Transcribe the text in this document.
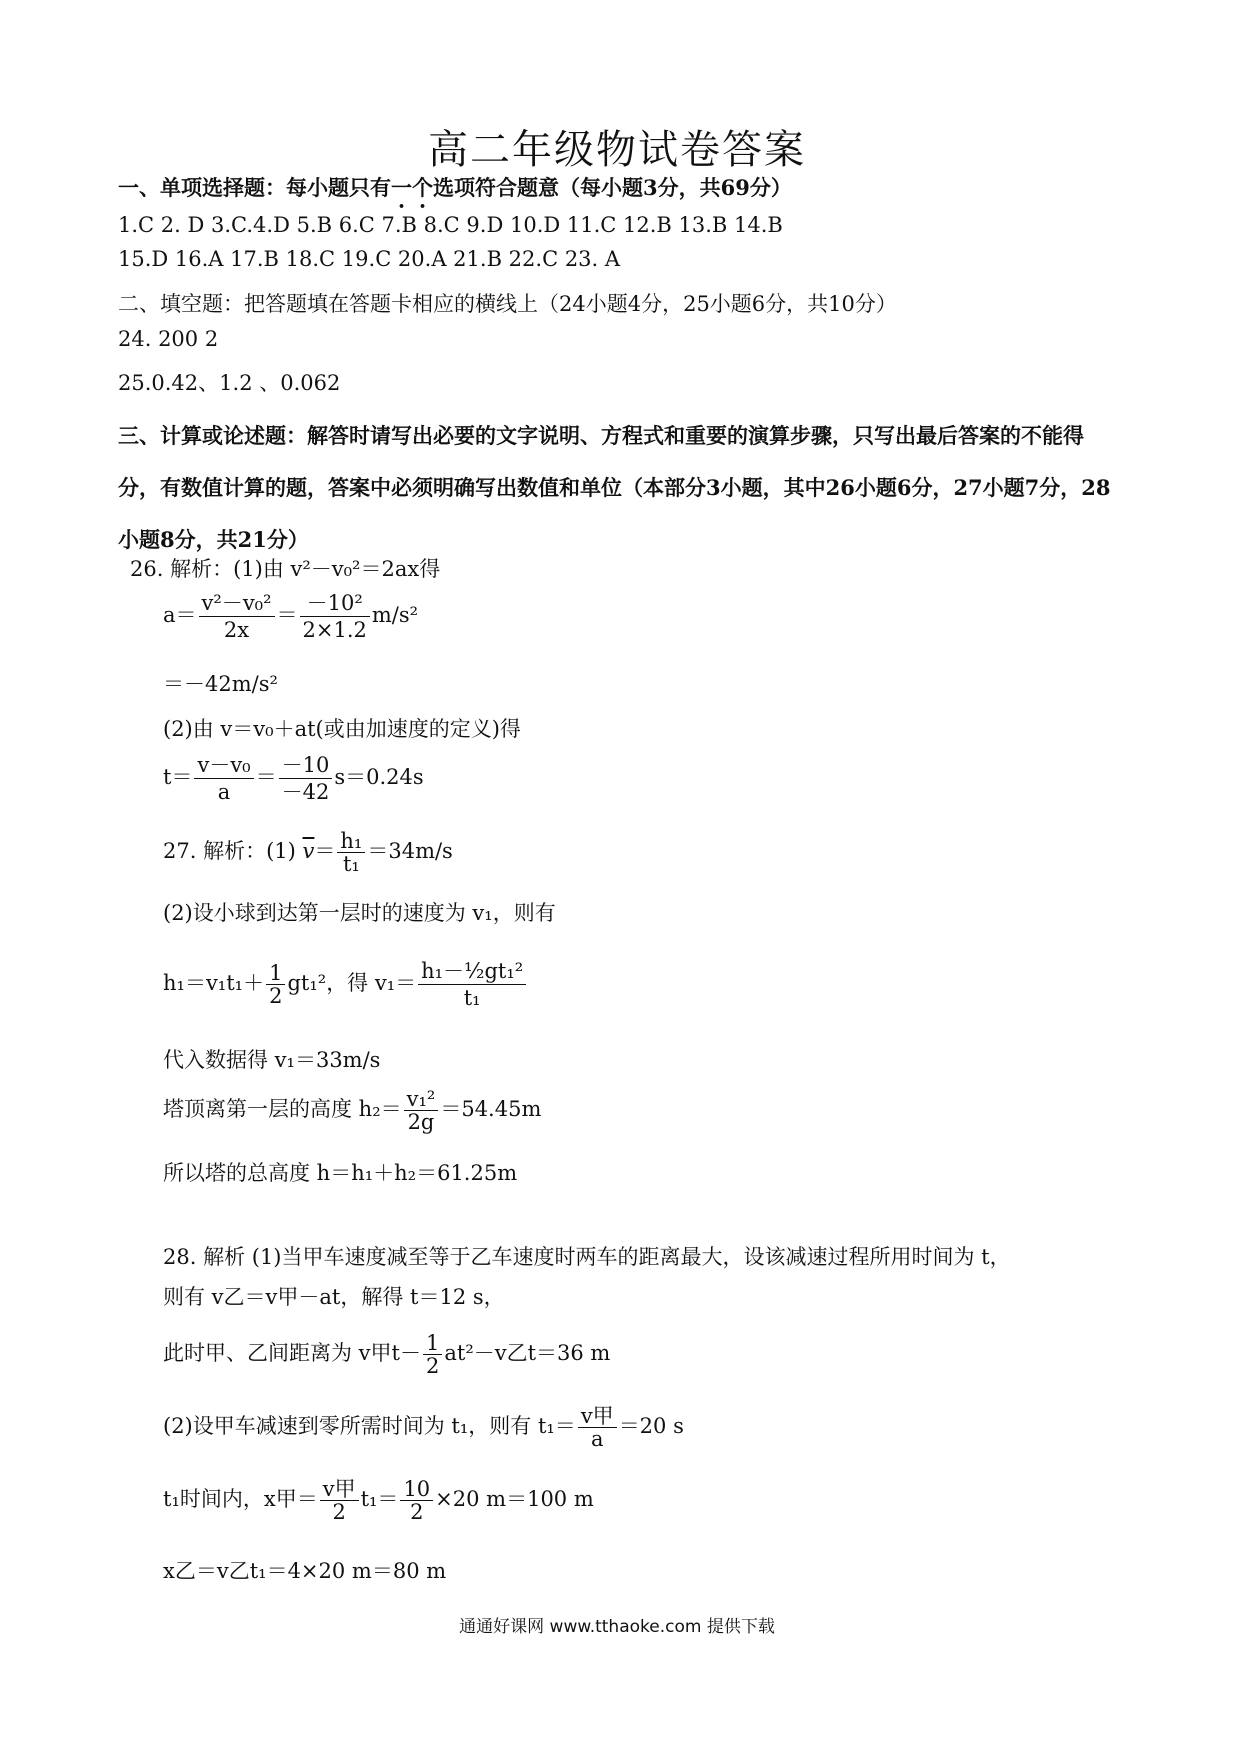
高二年级物试卷答案
一、单项选择题：每小题只有一个选项符合题意（每小题3分，共69分）
1.C 2. D 3.C.4.D 5.B 6.C 7.B 8.C 9.D 10.D 11.C 12.B 13.B 14.B
15.D 16.A 17.B 18.C 19.C 20.A 21.B 22.C 23. A
二、填空题：把答题填在答题卡相应的横线上（24小题4分，25小题6分，共10分）
24. 200 2
25.0.42、1.2 、0.062
三、计算或论述题：解答时请写出必要的文字说明、方程式和重要的演算步骤，只写出最后答案的不能得分，有数值计算的题，答案中必须明确写出数值和单位（本部分3小题，其中26小题6分，27小题7分，28小题8分，共21分）
26. 解析：(1)由 v²－v₀²＝2ax得
$a= \frac{\text{v²－v₀²}}{2x} = \frac{\text{－10²}}{2\times 1.2} m/s^2$
＝－42m/s²
(2)由 v＝v₀＋at(或由加速度的定义)得
$t= \frac{\text{v－v₀}}{a} = \frac{-10}{-42} s=0.24s$
27. 解析：(1) $\overline{v}= \frac{\text{h₁}}{\text{t₁}} =34m/s$
(2)设小球到达第一层时的速度为 v₁，则有
$h_1=v_1t_1+ \frac{1}{2} gt_1^2$，得 $v_1= \frac{\text{h₁－½gt₁²}}{\text{t₁}}$
代入数据得 v₁＝33m/s
塔顶离第一层的高度 $h_2= \frac{\text{v₁²}}{2g} =54.45m$
所以塔的总高度 h＝h₁＋h₂＝61.25m
28. 解析 (1)当甲车速度减至等于乙车速度时两车的距离最大，设该减速过程所用时间为 t，
则有 v乙＝v甲－at，解得 t＝12 s，
此时甲、乙间距离为 v甲$t- \frac{1}{2} at^2-v$乙t＝36 m
(2)设甲车减速到零所需时间为 t₁，则有 $t_1= \frac{\text{v甲}}{a} =20$ s
t₁时间内，x甲＝ $\frac{\text{v甲}}{2} t_1= \frac{10}{2} \times 20$ m＝100 m
x乙＝v乙t₁＝4×20 m＝80 m
通通好课网 www.tthaoke.com 提供下载
